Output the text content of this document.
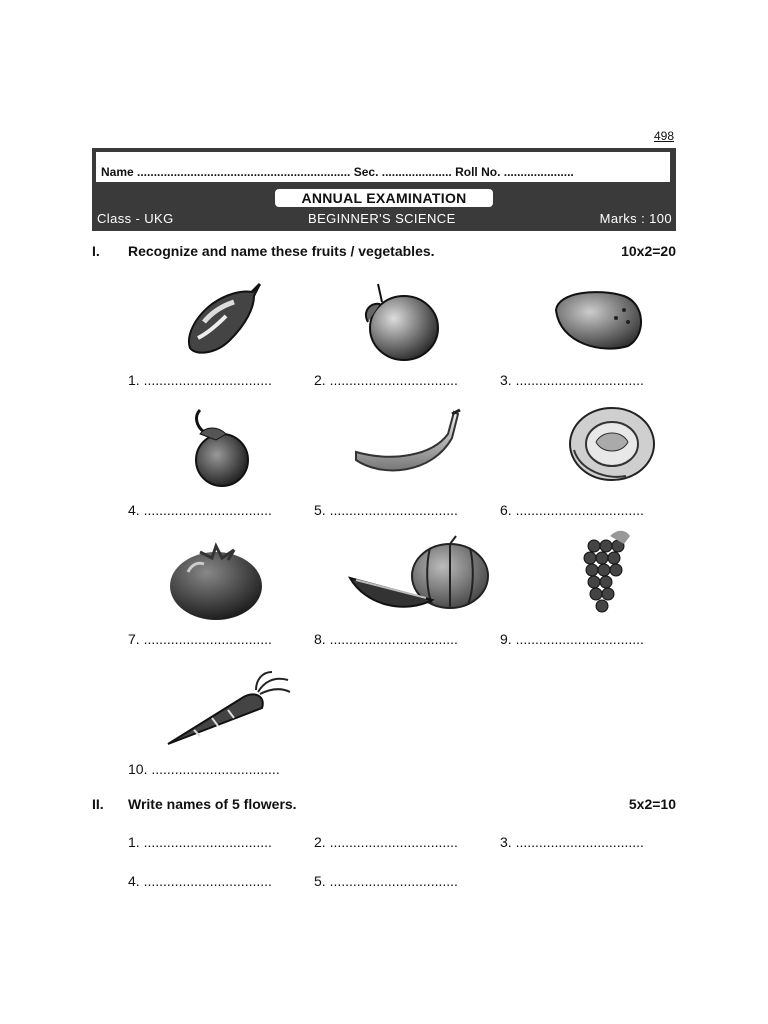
498
Name ................................................................ Sec. ..................... Roll No. .....................
ANNUAL EXAMINATION
Class - UKG	BEGINNER'S SCIENCE	Marks : 100
I. Recognize and name these fruits / vegetables.	10x2=20
1. .................................	2. .................................	3. .................................
4. .................................	5. .................................	6. .................................
7. .................................	8. .................................	9. .................................
10. .................................
II. Write names of 5 flowers.	5x2=10
1. .................................	2. .................................	3. .................................
4. .................................	5. .................................
